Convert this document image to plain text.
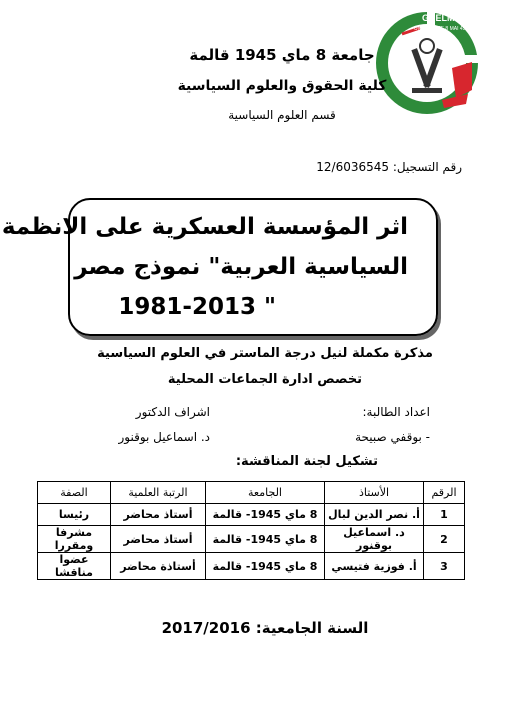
GUELMA
UNIVERSITE 8 MAI 45
جامعة 8 ماي 1945 قالمة
كلية الحقوق والعلوم السياسية
قسم العلوم السياسية
رقم التسجيل: 12/6036545
اثر المؤسسة العسكرية على الانظمة
السياسية العربية" نموذج مصر
1981-2013 "
مذكرة مكملة لنيل درجة الماستر في العلوم السياسية
تخصص ادارة الجماعات المحلية
اعداد الطالبة:
- بوقفي صبيحة
اشراف الدكتور
د. اسماعيل بوقنور
تشكيل لجنة المناقشة:
الرقم	الأستاذ	الجامعة	الرتبة العلمية	الصفة
1	أ. نصر الدين لبال	8 ماي 1945- قالمة	أستاذ محاضر	رئيسا
2	د. اسماعيل بوقنور	8 ماي 1945- قالمة	أستاذ محاضر	مشرفا ومقررا
3	أ. فوزية فتيسي	8 ماي 1945- قالمة	أستاذة محاضر	عضوا مناقشا
السنة الجامعية: 2017/2016
